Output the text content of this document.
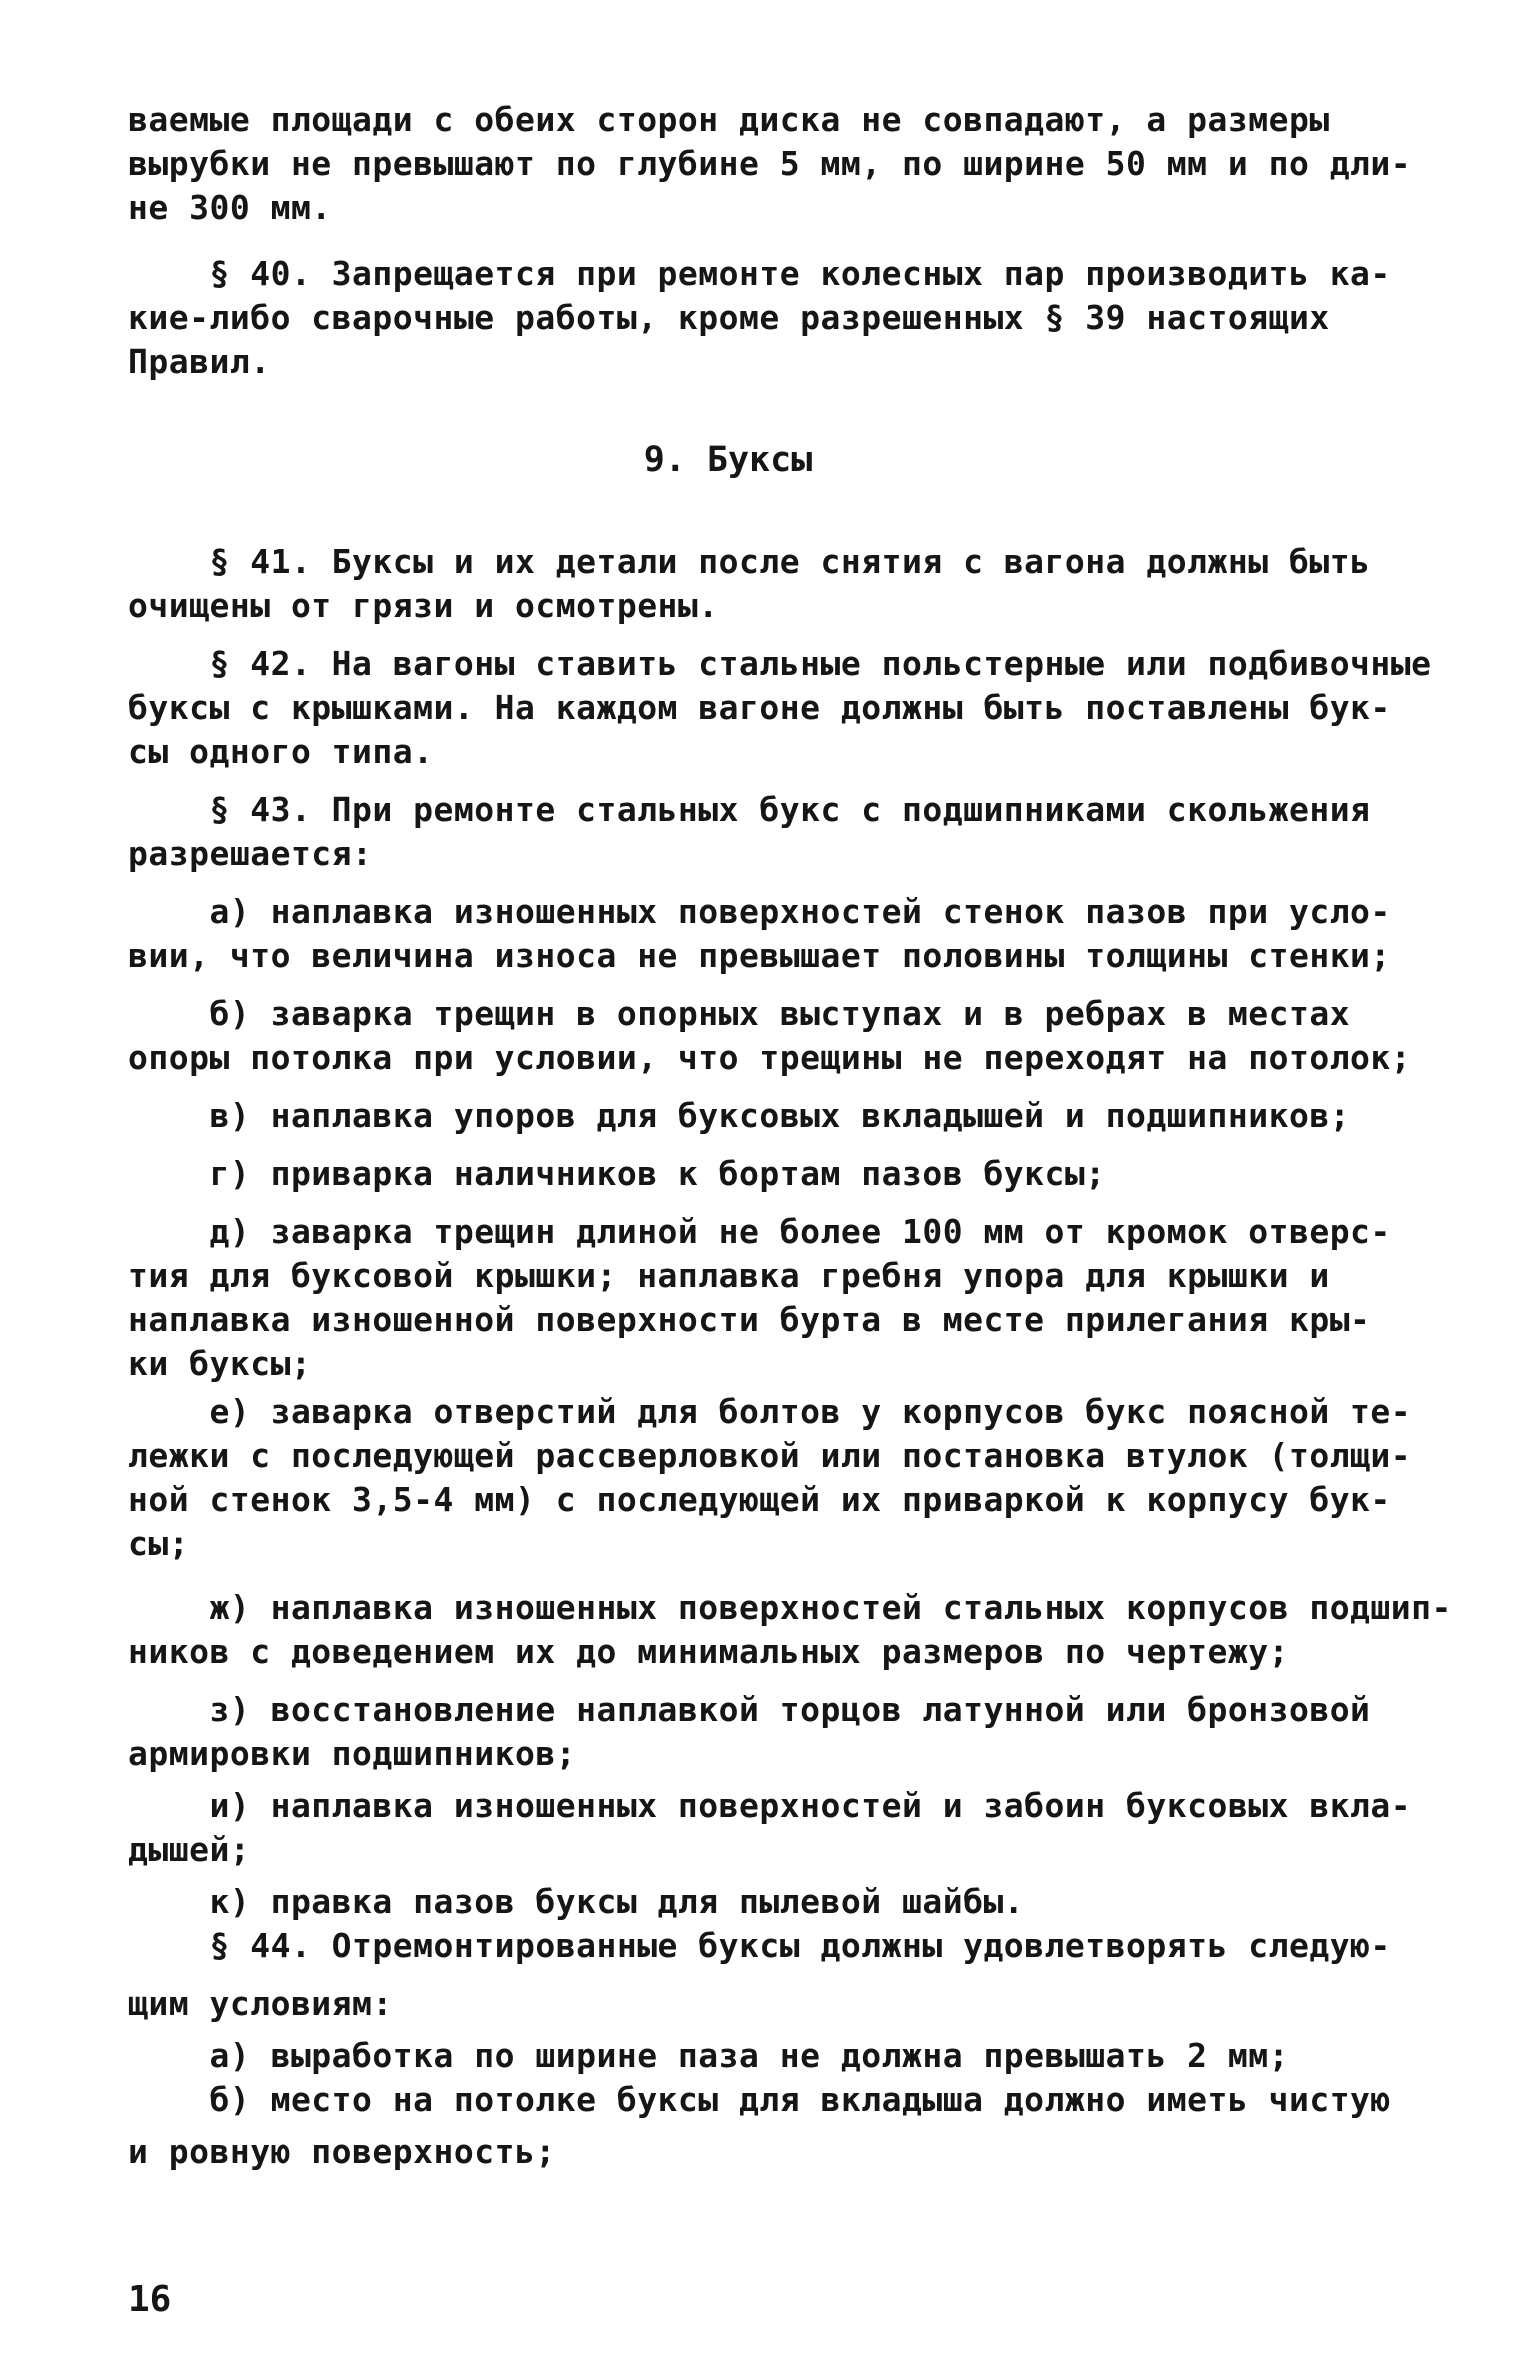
ваемые площади с обеих сторон диска не совпадают, а размеры
вырубки не превышают по глубине 5 мм, по ширине 50 мм и по дли-
не 300 мм.
§ 40. Запрещается при ремонте колесных пар производить ка-
кие-либо сварочные работы, кроме разрешенных § 39 настоящих
Правил.
9. Буксы
§ 41. Буксы и их детали после снятия с вагона должны быть
очищены от грязи и осмотрены.
§ 42. На вагоны ставить стальные польстерные или подбивочные
буксы с крышками. На каждом вагоне должны быть поставлены бук-
сы одного типа.
§ 43. При ремонте стальных букс с подшипниками скольжения
разрешается:
а) наплавка изношенных поверхностей стенок пазов при усло-
вии, что величина износа не превышает половины толщины стенки;
б) заварка трещин в опорных выступах и в ребрах в местах
опоры потолка при условии, что трещины не переходят на потолок;
в) наплавка упоров для буксовых вкладышей и подшипников;
г) приварка наличников к бортам пазов буксы;
д) заварка трещин длиной не более 100 мм от кромок отверс-
тия для буксовой крышки; наплавка гребня упора для крышки и
наплавка изношенной поверхности бурта в месте прилегания кры-
ки буксы;
е) заварка отверстий для болтов у корпусов букс поясной те-
лежки с последующей рассверловкой или постановка втулок (толщи-
ной стенок 3,5-4 мм) с последующей их приваркой к корпусу бук-
сы;
ж) наплавка изношенных поверхностей стальных корпусов подшип-
ников с доведением их до минимальных размеров по чертежу;
з) восстановление наплавкой торцов латунной или бронзовой
армировки подшипников;
и) наплавка изношенных поверхностей и забоин буксовых вкла-
дышей;
к) правка пазов буксы для пылевой шайбы.
§ 44. Отремонтированные буксы должны удовлетворять следую-
щим условиям:
а) выработка по ширине паза не должна превышать 2 мм;
б) место на потолке буксы для вкладыша должно иметь чистую
и ровную поверхность;
16
